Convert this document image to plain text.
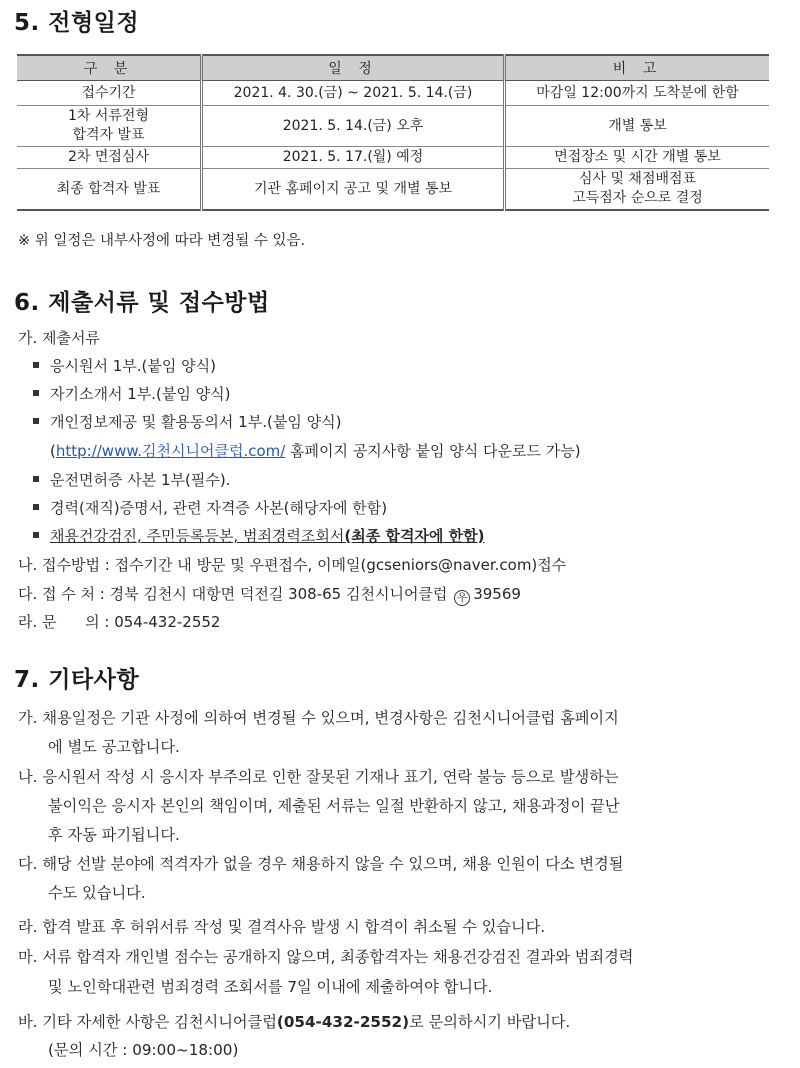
5. 전형일정
구 분	일 정	비 고
접수기간	2021. 4. 30.(금) ~ 2021. 5. 14.(금)	마감일 12:00까지 도착분에 한함

1차 서류전형
합격자 발표	2021. 5. 14.(금) 오후	개별 통보
2차 면접심사	2021. 5. 17.(월) 예정	면접장소 및 시간 개별 통보
최종 합격자 발표	기관 홈페이지 공고 및 개별 통보	심사 및 채점배점표
고득점자 순으로 결정
※ 위 일정은 내부사정에 따라 변경될 수 있음.
6. 제출서류 및 접수방법
가. 제출서류
응시원서 1부.(붙임 양식)
자기소개서 1부.(붙임 양식)
개인정보제공 및 활용동의서 1부.(붙임 양식)
(http://www.김천시니어클럽.com/ 홈페이지 공지사항 붙임 양식 다운로드 가능)
운전면허증 사본 1부(필수).
경력(재직)증명서, 관련 자격증 사본(해당자에 한함)
채용건강검진, 주민등록등본, 범죄경력조회서(최종 합격자에 한함)
나. 접수방법 : 접수기간 내 방문 및 우편접수, 이메일(gcseniors@naver.com)접수
다. 접 수 처 : 경북 김천시 대항면 덕전길 308-65 김천시니어클럽 우 39569
라. 문      의 : 054-432-2552
7. 기타사항
가. 채용일정은 기관 사정에 의하여 변경될 수 있으며, 변경사항은 김천시니어클럽 홈페이지
에 별도 공고합니다.
나. 응시원서 작성 시 응시자 부주의로 인한 잘못된 기재나 표기, 연락 불능 등으로 발생하는
불이익은 응시자 본인의 책임이며, 제출된 서류는 일절 반환하지 않고, 채용과정이 끝난
후 자동 파기됩니다.
다. 해당 선발 분야에 적격자가 없을 경우 채용하지 않을 수 있으며, 채용 인원이 다소 변경될
수도 있습니다.
라. 합격 발표 후 허위서류 작성 및 결격사유 발생 시 합격이 취소될 수 있습니다.
마. 서류 합격자 개인별 점수는 공개하지 않으며, 최종합격자는 채용건강검진 결과와 범죄경력
및 노인학대관련 범죄경력 조회서를 7일 이내에 제출하여야 합니다.
바. 기타 자세한 사항은 김천시니어클럽(054-432-2552)로 문의하시기 바랍니다.
(문의 시간 : 09:00~18:00)
